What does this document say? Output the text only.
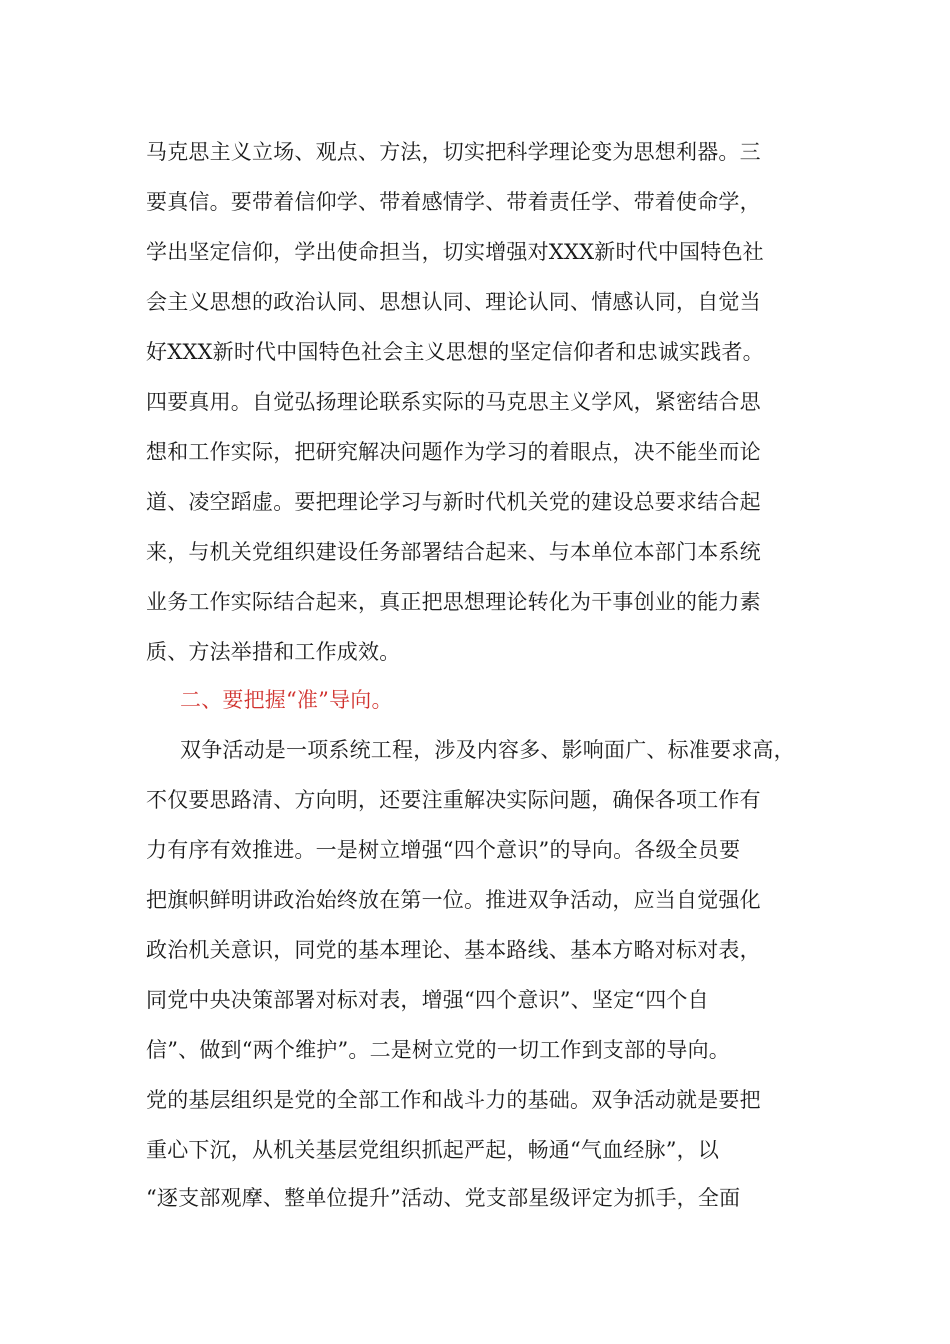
马克思主义立场、观点、方法，切实把科学理论变为思想利器。三
要真信。要带着信仰学、带着感情学、带着责任学、带着使命学，
学出坚定信仰，学出使命担当，切实增强对XXX新时代中国特色社
会主义思想的政治认同、思想认同、理论认同、情感认同，自觉当
好XXX新时代中国特色社会主义思想的坚定信仰者和忠诚实践者。
四要真用。自觉弘扬理论联系实际的马克思主义学风，紧密结合思
想和工作实际，把研究解决问题作为学习的着眼点，决不能坐而论
道、凌空蹈虚。要把理论学习与新时代机关党的建设总要求结合起
来，与机关党组织建设任务部署结合起来、与本单位本部门本系统
业务工作实际结合起来，真正把思想理论转化为干事创业的能力素
质、方法举措和工作成效。
二、要把握“准”导向。
双争活动是一项系统工程，涉及内容多、影响面广、标准要求高，
不仅要思路清、方向明，还要注重解决实际问题，确保各项工作有
力有序有效推进。一是树立增强“四个意识”的导向。各级全员要
把旗帜鲜明讲政治始终放在第一位。推进双争活动，应当自觉强化
政治机关意识，同党的基本理论、基本路线、基本方略对标对表，
同党中央决策部署对标对表，增强“四个意识”、坚定“四个自
信”、做到“两个维护”。二是树立党的一切工作到支部的导向。
党的基层组织是党的全部工作和战斗力的基础。双争活动就是要把
重心下沉，从机关基层党组织抓起严起，畅通“气血经脉”，以
“逐支部观摩、整单位提升”活动、党支部星级评定为抓手，全面
